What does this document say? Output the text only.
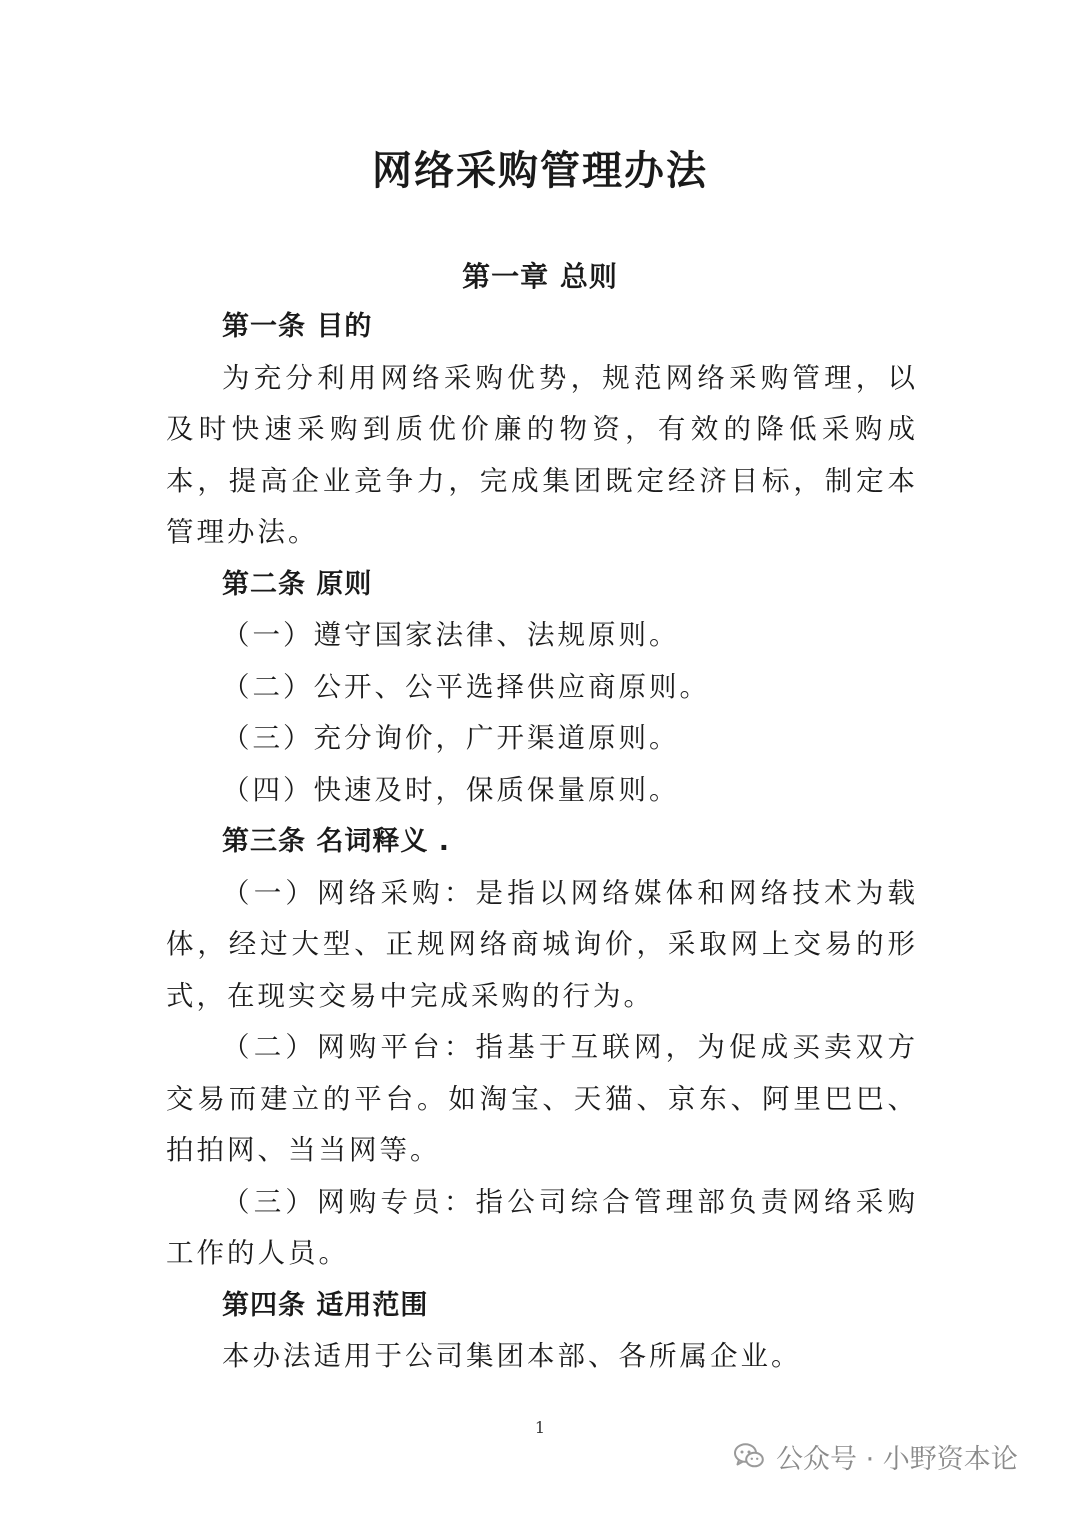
网络采购管理办法
第一章 总则

第一条 目的

为充分利用网络采购优势，规范网络采购管理，以及时快速采购到质优价廉的物资，有效的降低采购成本，提高企业竞争力，完成集团既定经济目标，制定本管理办法。

第二条 原则

（一）遵守国家法律、法规原则。

（二）公开、公平选择供应商原则。

（三）充分询价，广开渠道原则。

（四）快速及时，保质保量原则。

第三条 名词释义 .

（一）网络采购：是指以网络媒体和网络技术为载体，经过大型、正规网络商城询价，采取网上交易的形式，在现实交易中完成采购的行为。

（二）网购平台：指基于互联网，为促成买卖双方交易而建立的平台。如淘宝、天猫、京东、阿里巴巴、拍拍网、当当网等。

（三）网购专员：指公司综合管理部负责网络采购工作的人员。

第四条 适用范围

本办法适用于公司集团本部、各所属企业。

1
公众号 · 小野资本论
